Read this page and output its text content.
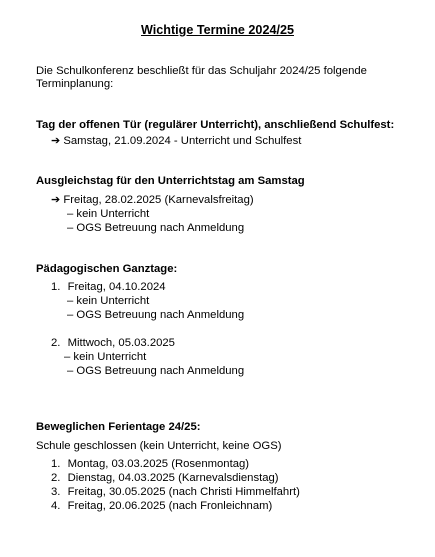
Wichtige Termine 2024/25
Die Schulkonferenz beschließt für das Schuljahr 2024/25 folgende
Terminplanung:
Tag der offenen Tür (regulärer Unterricht), anschließend Schulfest:
➔ Samstag, 21.09.2024 - Unterricht und Schulfest
Ausgleichstag für den Unterrichtstag am Samstag
➔ Freitag, 28.02.2025 (Karnevalsfreitag)
– kein Unterricht
– OGS Betreuung nach Anmeldung
Pädagogischen Ganztage:
1. Freitag, 04.10.2024
– kein Unterricht
– OGS Betreuung nach Anmeldung
2. Mittwoch, 05.03.2025
– kein Unterricht
– OGS Betreuung nach Anmeldung
Beweglichen Ferientage 24/25:
Schule geschlossen (kein Unterricht, keine OGS)
1. Montag, 03.03.2025 (Rosenmontag)
2. Dienstag, 04.03.2025 (Karnevalsdienstag)
3. Freitag, 30.05.2025 (nach Christi Himmelfahrt)
4. Freitag, 20.06.2025 (nach Fronleichnam)
